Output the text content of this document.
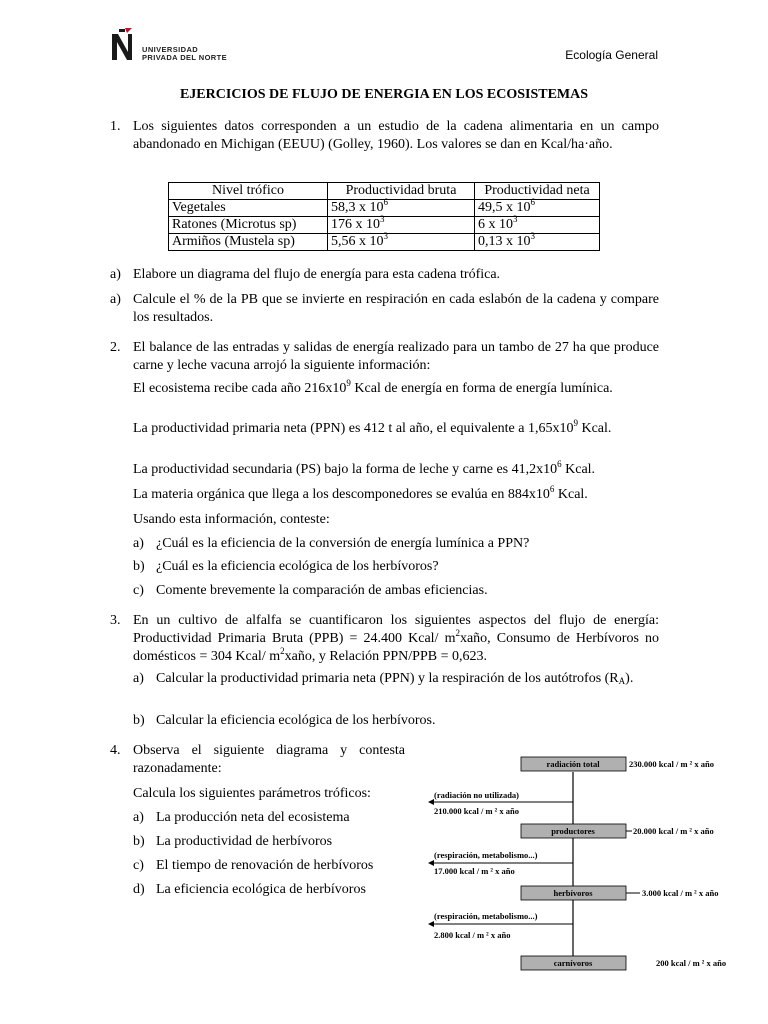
UNIVERSIDAD
PRIVADA DEL NORTE	Ecología General
EJERCICIOS DE FLUJO DE ENERGIA EN LOS ECOSISTEMAS
1. Los siguientes datos corresponden a un estudio de la cadena alimentaria en un campo abandonado en Michigan (EEUU) (Golley, 1960). Los valores se dan en Kcal/ha·año.

Nivel trófico	Productividad bruta	Productividad neta
Vegetales	58,3 x $10^6$	49,5 x $10^6$
Ratones (Microtus sp)	176 x $10^3$	6 x $10^3$
Armiños (Mustela sp)	5,56 x $10^3$	0,13 x $10^3$
a) Elabore un diagrama del flujo de energía para esta cadena trófica.

a) Calcule el % de la PB que se invierte en respiración en cada eslabón de la cadena y compare los resultados.

2. El balance de las entradas y salidas de energía realizado para un tambo de 27 ha que produce carne y leche vacuna arrojó la siguiente información:

El ecosistema recibe cada año $216x10^9$ Kcal de energía en forma de energía lumínica.

La productividad primaria neta (PPN) es 412 t al año, el equivalente a $1,65x10^9$ Kcal.

La productividad secundaria (PS) bajo la forma de leche y carne es $41,2x10^6$ Kcal.

La materia orgánica que llega a los descomponedores se evalúa en $884x10^6$ Kcal.

Usando esta información, conteste:

a) ¿Cuál es la eficiencia de la conversión de energía lumínica a PPN?

b) ¿Cuál es la eficiencia ecológica de los herbívoros?

c) Comente brevemente la comparación de ambas eficiencias.

3. En un cultivo de alfalfa se cuantificaron los siguientes aspectos del flujo de energía: Productividad Primaria Bruta (PPB) = 24.400 Kcal/ $m^2xaño$, Consumo de Herbívoros no domésticos = 304 Kcal/ $m^2xaño$, y Relación PPN/PPB = 0,623.

a) Calcular la productividad primaria neta (PPN) y la respiración de los autótrofos $(R_A)$.

b) Calcular la eficiencia ecológica de los herbívoros.

4. Observa el siguiente diagrama y contesta razonadamente:

Calcula los siguientes parámetros tróficos:

a) La producción neta del ecosistema

b) La productividad de herbívoros

c) El tiempo de renovación de herbívoros

d) La eficiencia ecológica de herbívoros

radiación total
productores
herbívoros
carnívoros
230.000 kcal / m ² x año
20.000 kcal / m ² x año
3.000 kcal / m ² x año
200 kcal / m ² x año
(radiación no utilizada)
210.000 kcal / m ² x año
(respiración, metabolismo...)
17.000 kcal / m ² x año
(respiración, metabolismo...)
2.800 kcal / m ² x año
